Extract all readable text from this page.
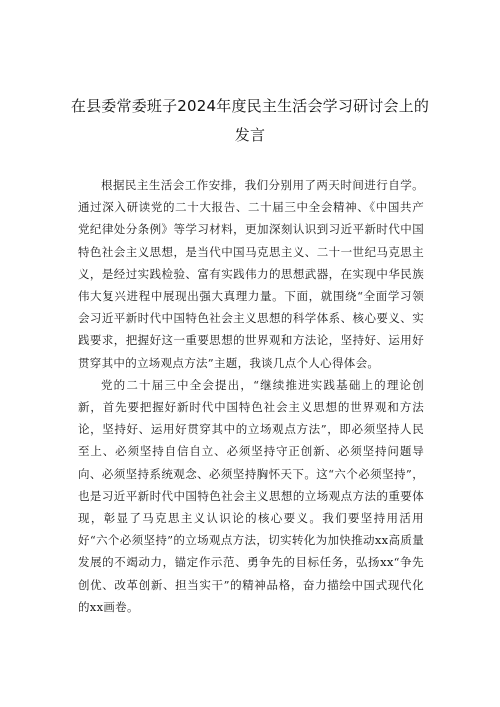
在县委常委班子2024年度民主生活会学习研讨会上的发言

根据民主生活会工作安排，我们分别用了两天时间进行自学。通过深入研读党的二十大报告、二十届三中全会精神、《中国共产党纪律处分条例》等学习材料，更加深刻认识到习近平新时代中国特色社会主义思想，是当代中国马克思主义、二十一世纪马克思主义，是经过实践检验、富有实践伟力的思想武器，在实现中华民族伟大复兴进程中展现出强大真理力量。下面，就围绕“全面学习领会习近平新时代中国特色社会主义思想的科学体系、核心要义、实践要求，把握好这一重要思想的世界观和方法论，坚持好、运用好贯穿其中的立场观点方法”主题，我谈几点个人心得体会。

党的二十届三中全会提出，“继续推进实践基础上的理论创新，首先要把握好新时代中国特色社会主义思想的世界观和方法论，坚持好、运用好贯穿其中的立场观点方法”，即必须坚持人民至上、必须坚持自信自立、必须坚持守正创新、必须坚持问题导向、必须坚持系统观念、必须坚持胸怀天下。这“六个必须坚持”，也是习近平新时代中国特色社会主义思想的立场观点方法的重要体现，彰显了马克思主义认识论的核心要义。我们要坚持用活用好“六个必须坚持”的立场观点方法，切实转化为加快推动xx高质量发展的不竭动力，锚定作示范、勇争先的目标任务，弘扬xx“争先创优、改革创新、担当实干”的精神品格，奋力描绘中国式现代化的xx画卷。
